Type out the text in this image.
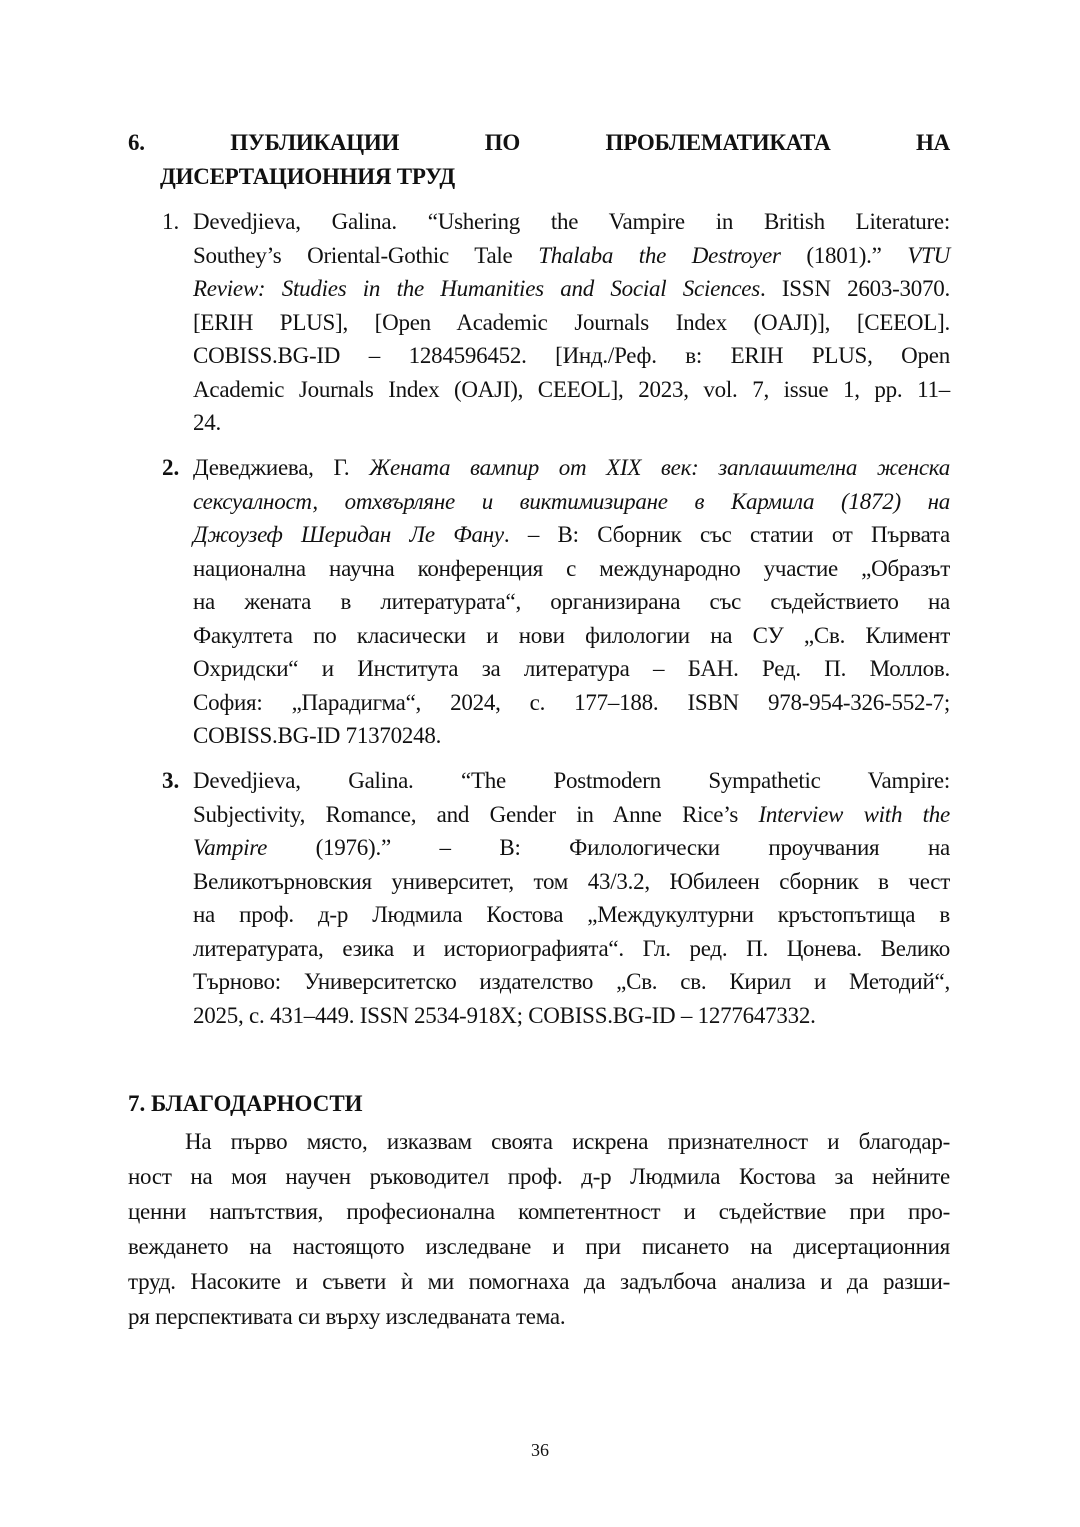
6. ПУБЛИКАЦИИ ПО ПРОБЛЕМАТИКАТА НА
ДИСЕРТАЦИОННИЯ ТРУД
1. Devedjieva, Galina. “Ushering the Vampire in British Literature:
Southey’s Oriental-Gothic Tale Thalaba the Destroyer (1801).” VTU
Review: Studies in the Humanities and Social Sciences. ISSN 2603-3070.
[ERIH PLUS], [Open Academic Journals Index (OAJI)], [CEEOL].
COBISS.BG-ID – 1284596452. [Инд./Реф. в: ERIH PLUS, Open
Academic Journals Index (OAJI), CEEOL], 2023, vol. 7, issue 1, pp. 11–
24.
2. Деведжиева, Г. Жената вампир от XIX век: заплашителна женска
сексуалност, отхвърляне и виктимизиране в Кармила (1872) на
Джоузеф Шеридан Ле Фану. – В: Сборник със статии от Първата
национална научна конференция с международно участие „Образът
на жената в литературата“, организирана със съдействието на
Факултета по класически и нови филологии на СУ „Св. Климент
Охридски“ и Института за литература – БАН. Ред. П. Моллов.
София: „Парадигма“, 2024, с. 177–188. ISBN 978-954-326-552-7;
COBISS.BG-ID 71370248.
3. Devedjieva, Galina. “The Postmodern Sympathetic Vampire:
Subjectivity, Romance, and Gender in Anne Rice’s Interview with the
Vampire (1976).” – В: Филологически проучвания на
Великотърновския университет, том 43/3.2, Юбилеен сборник в чест
на проф. д-р Людмила Костова „Междукултурни кръстопътища в
литературата, езика и историографията“. Гл. ред. П. Цонева. Велико
Търново: Университетско издателство „Св. св. Кирил и Методий“,
2025, с. 431–449. ISSN 2534-918X; COBISS.BG-ID – 1277647332.
7. БЛАГОДАРНОСТИ
На първо място, изказвам своята искрена признателност и благодар-
ност на моя научен ръководител проф. д-р Людмила Костова за нейните
ценни напътствия, професионална компетентност и съдействие при про-
веждането на настоящото изследване и при писането на дисертационния
труд. Насоките и съвети ѝ ми помогнаха да задълбоча анализа и да разши-
ря перспективата си върху изследваната тема.
36
